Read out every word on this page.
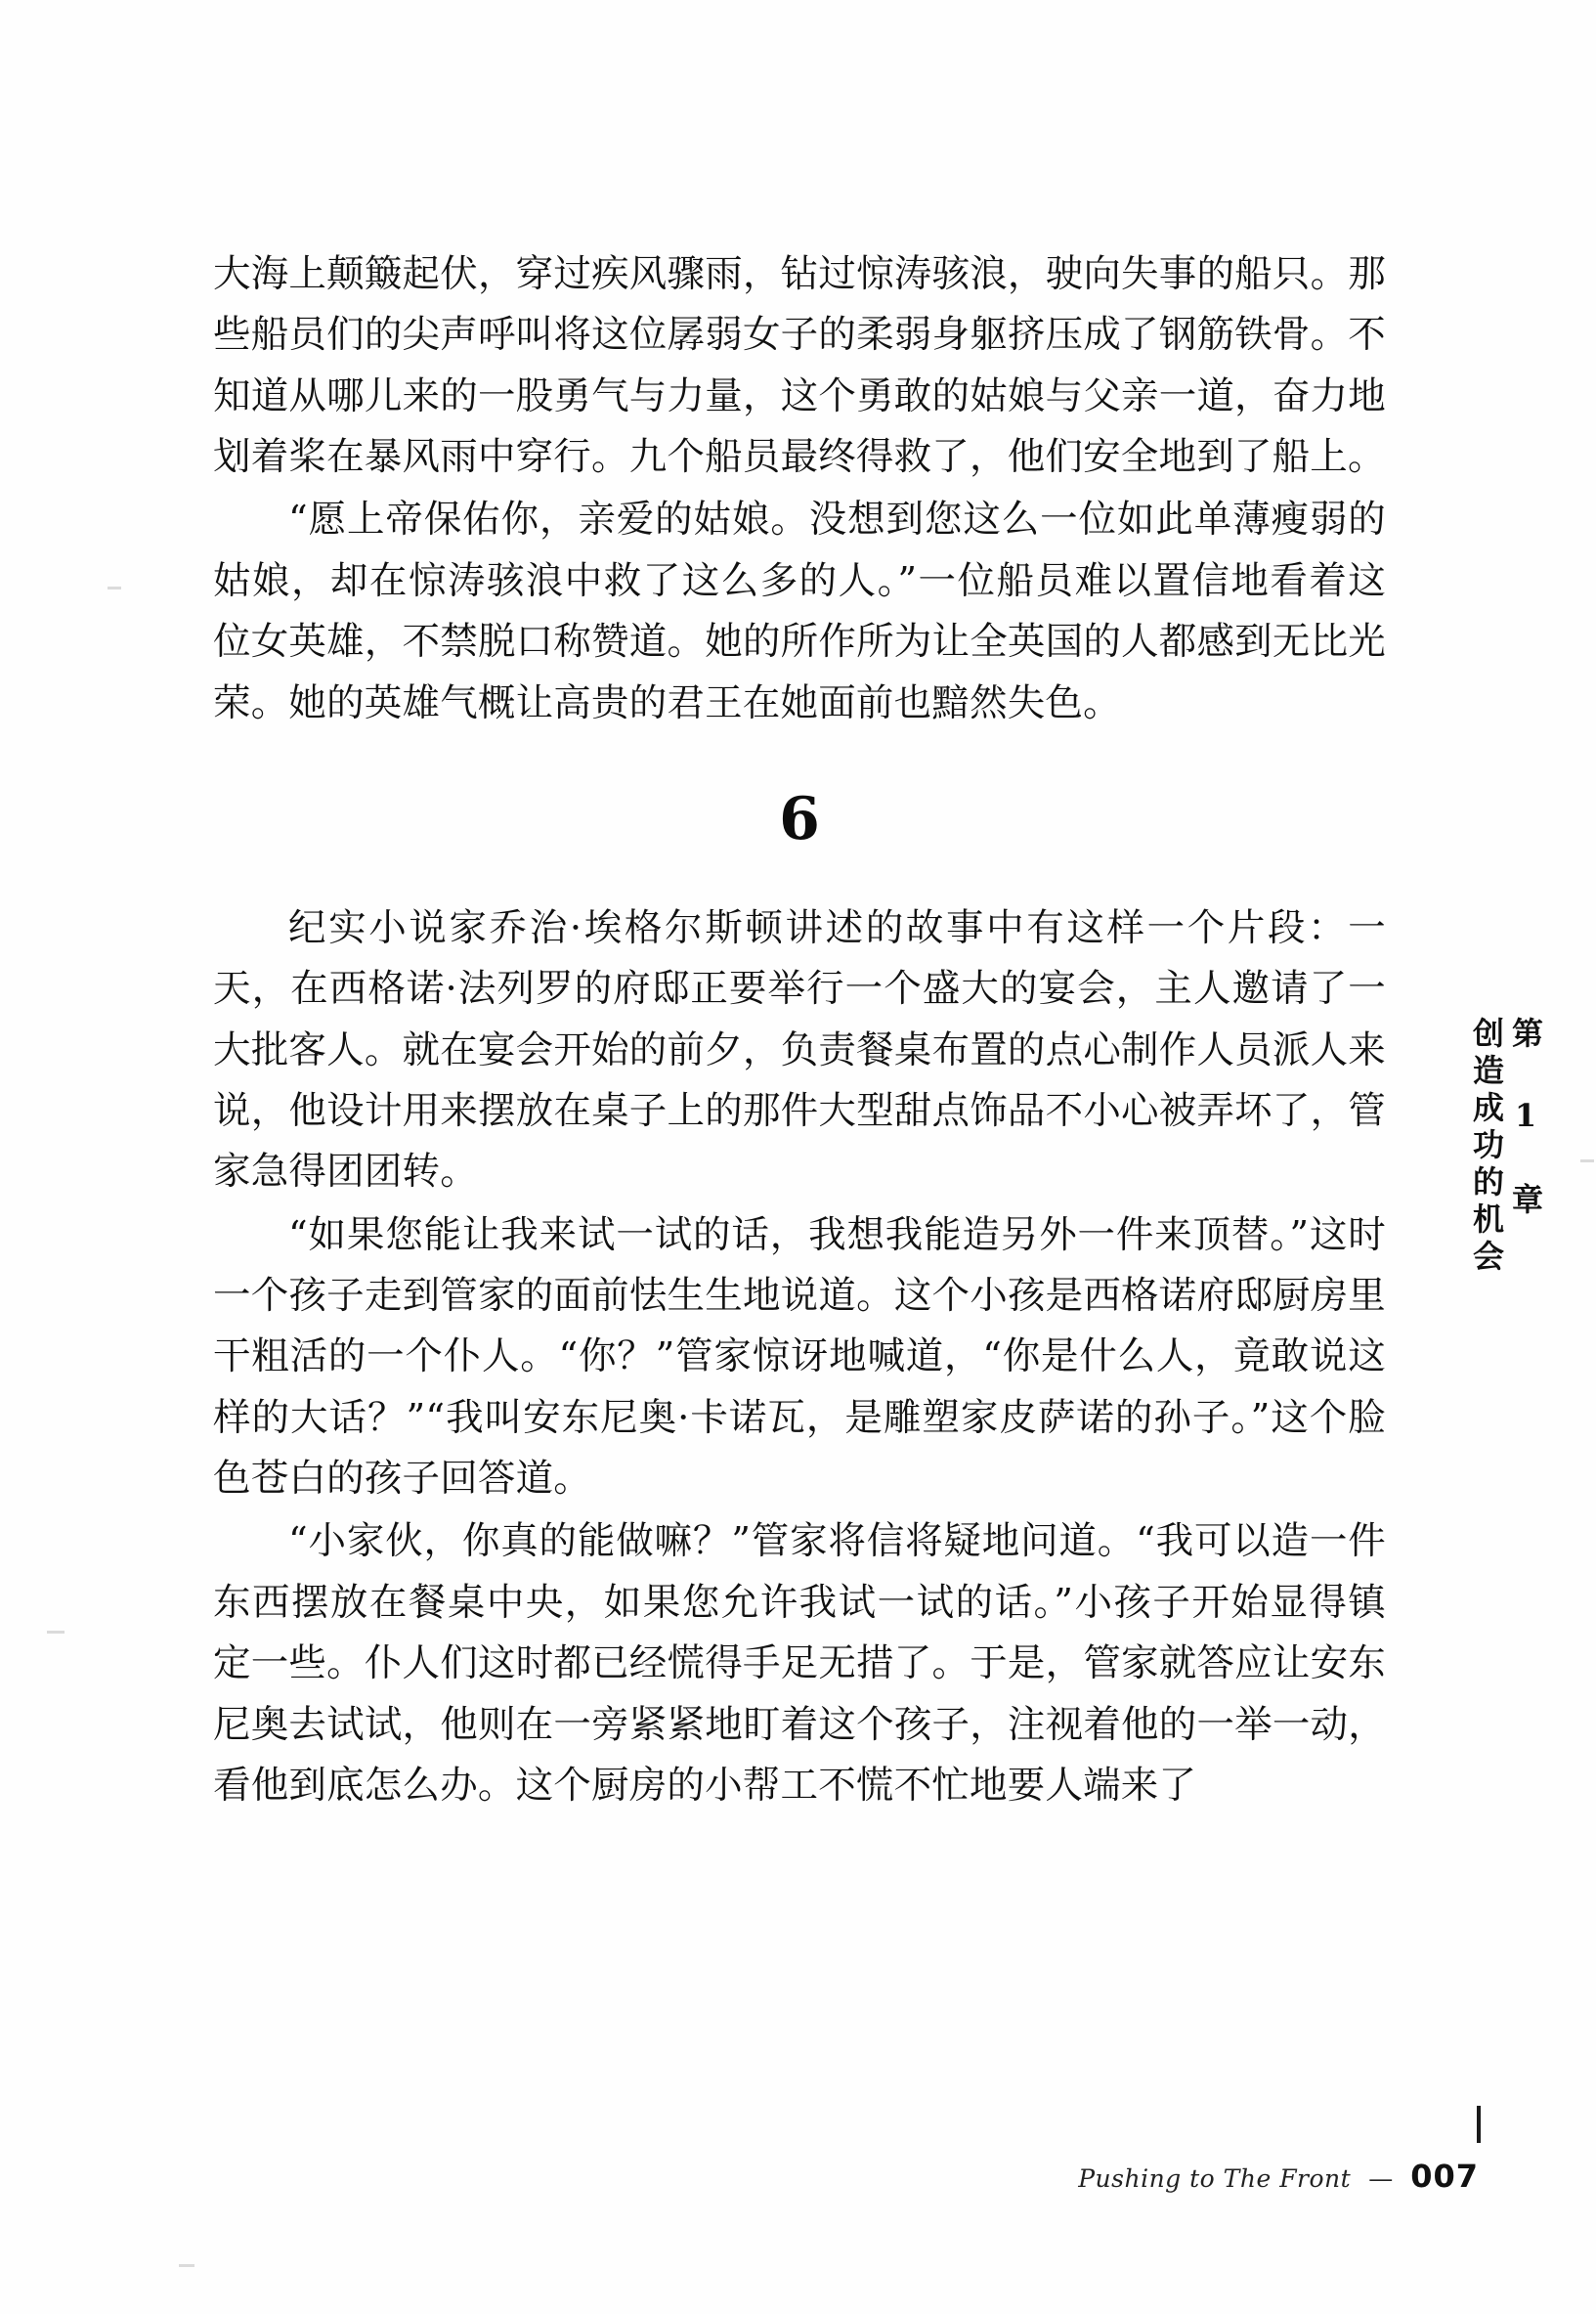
大海上颠簸起伏，穿过疾风骤雨，钻过惊涛骇浪，驶向失事的船只。那些船员们的尖声呼叫将这位孱弱女子的柔弱身躯挤压成了钢筋铁骨。不知道从哪儿来的一股勇气与力量，这个勇敢的姑娘与父亲一道，奋力地划着桨在暴风雨中穿行。九个船员最终得救了，他们安全地到了船上。

“愿上帝保佑你，亲爱的姑娘。没想到您这么一位如此单薄瘦弱的姑娘，却在惊涛骇浪中救了这么多的人。”一位船员难以置信地看着这位女英雄，不禁脱口称赞道。她的所作所为让全英国的人都感到无比光荣。她的英雄气概让高贵的君王在她面前也黯然失色。

6

纪实小说家乔治·埃格尔斯顿讲述的故事中有这样一个片段：一天，在西格诺·法列罗的府邸正要举行一个盛大的宴会，主人邀请了一大批客人。就在宴会开始的前夕，负责餐桌布置的点心制作人员派人来说，他设计用来摆放在桌子上的那件大型甜点饰品不小心被弄坏了，管家急得团团转。

“如果您能让我来试一试的话，我想我能造另外一件来顶替。”这时一个孩子走到管家的面前怯生生地说道。这个小孩是西格诺府邸厨房里干粗活的一个仆人。“你？”管家惊讶地喊道，“你是什么人，竟敢说这样的大话？”“我叫安东尼奥·卡诺瓦，是雕塑家皮萨诺的孙子。”这个脸色苍白的孩子回答道。

“小家伙，你真的能做嘛？”管家将信将疑地问道。“我可以造一件东西摆放在餐桌中央，如果您允许我试一试的话。”小孩子开始显得镇定一些。仆人们这时都已经慌得手足无措了。于是，管家就答应让安东尼奥去试试，他则在一旁紧紧地盯着这个孩子，注视着他的一举一动，看他到底怎么办。这个厨房的小帮工不慌不忙地要人端来了

第 1 章
创造成功的机会
Pushing to The Front — 007
